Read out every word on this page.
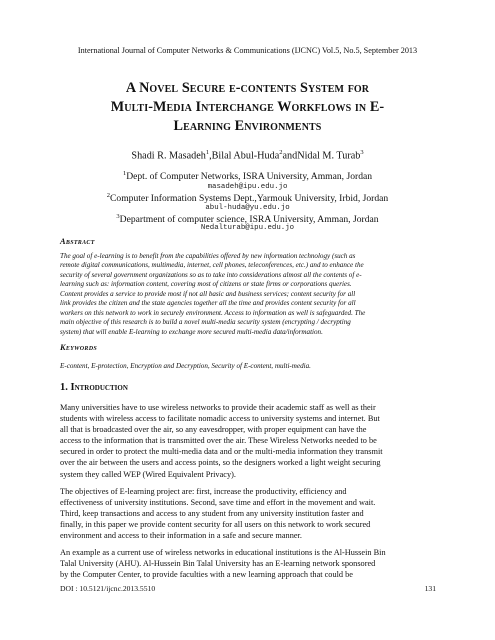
International Journal of Computer Networks & Communications (IJCNC) Vol.5, No.5, September 2013
A Novel Secure e-contents System for
Multi-Media Interchange Workflows in E-
Learning Environments
Shadi R. Masadeh$^1$,Bilal Abul-Huda$^2$andNidal M. Turab$^3$
$^1$Dept. of Computer Networks, ISRA University, Amman, Jordan
masadeh@ipu.edu.jo
$^2$Computer Information Systems Dept.,Yarmouk University, Irbid, Jordan
abul-huda@yu.edu.jo
$^3$Department of computer science, ISRA University, Amman, Jordan
Nedalturab@ipu.edu.jo
Abstract
The goal of e-learning is to benefit from the capabilities offered by new information technology (such as
remote digital communications, multimedia, internet, cell phones, teleconferences, etc.) and to enhance the
security of several government organizations so as to take into considerations almost all the contents of e-
learning such as: information content, covering most of citizens or state firms or corporations queries.
Content provides a service to provide most if not all basic and business services; content security for all
link provides the citizen and the state agencies together all the time and provides content security for all
workers on this network to work in securely environment. Access to information as well is safeguarded. The
main objective of this research is to build a novel multi-media security system (encrypting / decrypting
system) that will enable E-learning to exchange more secured multi-media data/information.
Keywords
E-content, E-protection, Encryption and Decryption, Security of E-content, multi-media.
1. Introduction
Many universities have to use wireless networks to provide their academic staff as well as their
students with wireless access to facilitate nomadic access to university systems and internet. But
all that is broadcasted over the air, so any eavesdropper, with proper equipment can have the
access to the information that is transmitted over the air. These Wireless Networks needed to be
secured in order to protect the multi-media data and or the multi-media information they transmit
over the air between the users and access points, so the designers worked a light weight securing
system they called WEP (Wired Equivalent Privacy).
The objectives of E-learning project are: first, increase the productivity, efficiency and
effectiveness of university institutions. Second, save time and effort in the movement and wait.
Third, keep transactions and access to any student from any university institution faster and
finally, in this paper we provide content security for all users on this network to work secured
environment and access to their information in a safe and secure manner.
An example as a current use of wireless networks in educational institutions is the Al-Hussein Bin
Talal University (AHU). Al-Hussein Bin Talal University has an E-learning network sponsored
by the Computer Center, to provide faculties with a new learning approach that could be
DOI : 10.5121/ijcnc.2013.5510	131
